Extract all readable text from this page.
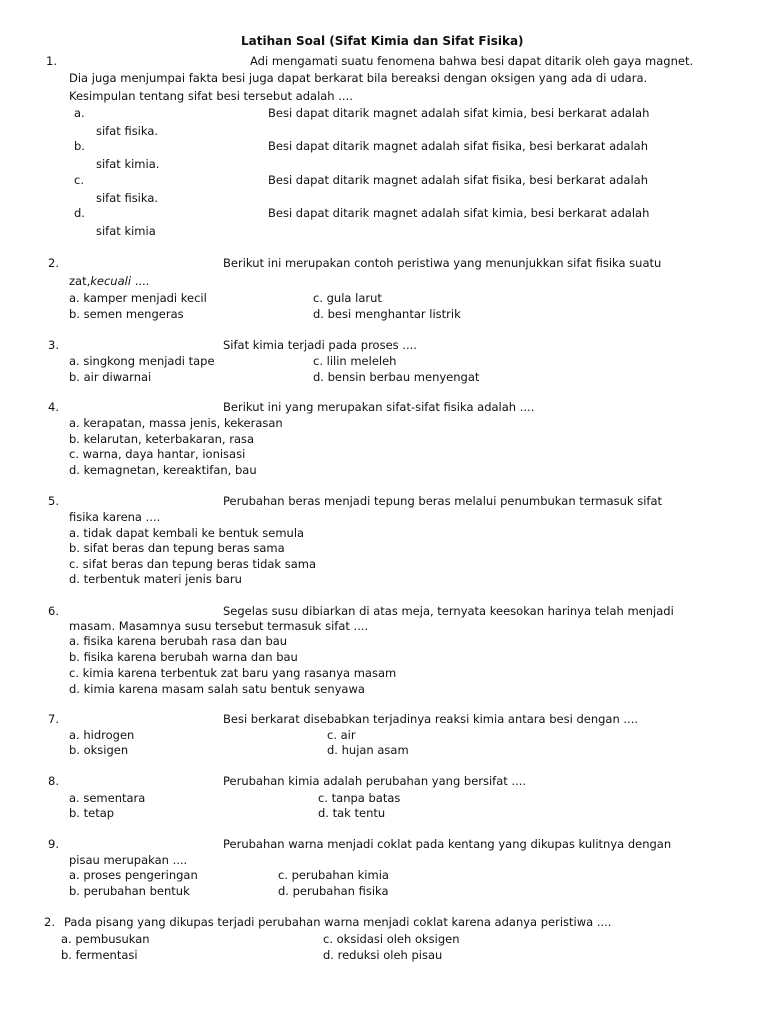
Latihan Soal (Sifat Kimia dan Sifat Fisika)
1.	Adi mengamati suatu fenomena bahwa besi dapat ditarik oleh gaya magnet.
Dia juga menjumpai fakta besi juga dapat berkarat bila bereaksi dengan oksigen yang ada di udara.
Kesimpulan tentang sifat besi tersebut adalah ....
a.	Besi dapat ditarik magnet adalah sifat kimia, besi berkarat adalah
sifat fisika.
b.	Besi dapat ditarik magnet adalah sifat fisika, besi berkarat adalah
sifat kimia.
c.	Besi dapat ditarik magnet adalah sifat fisika, besi berkarat adalah
sifat fisika.
d.	Besi dapat ditarik magnet adalah sifat kimia, besi berkarat adalah
sifat kimia
2.	Berikut ini merupakan contoh peristiwa yang menunjukkan sifat fisika suatu
zat,kecuali ....
a. kamper menjadi kecil	c. gula larut
b. semen mengeras	d. besi menghantar listrik
3.	Sifat kimia terjadi pada proses ....
a. singkong menjadi tape	c. lilin meleleh
b. air diwarnai	d. bensin berbau menyengat
4.	Berikut ini yang merupakan sifat-sifat fisika adalah ....
a. kerapatan, massa jenis, kekerasan
b. kelarutan, keterbakaran, rasa
c. warna, daya hantar, ionisasi
d. kemagnetan, kereaktifan, bau
5.	Perubahan beras menjadi tepung beras melalui penumbukan termasuk sifat
fisika karena ....
a. tidak dapat kembali ke bentuk semula
b. sifat beras dan tepung beras sama
c. sifat beras dan tepung beras tidak sama
d. terbentuk materi jenis baru
6.	Segelas susu dibiarkan di atas meja, ternyata keesokan harinya telah menjadi
masam. Masamnya susu tersebut termasuk sifat ....
a. fisika karena berubah rasa dan bau
b. fisika karena berubah warna dan bau
c. kimia karena terbentuk zat baru yang rasanya masam
d. kimia karena masam salah satu bentuk senyawa
7.	Besi berkarat disebabkan terjadinya reaksi kimia antara besi dengan ....
a. hidrogen	c. air
b. oksigen	d. hujan asam
8.	Perubahan kimia adalah perubahan yang bersifat ....
a. sementara	c. tanpa batas
b. tetap	d. tak tentu
9.	Perubahan warna menjadi coklat pada kentang yang dikupas kulitnya dengan
pisau merupakan ....
a. proses pengeringan	c. perubahan kimia
b. perubahan bentuk	d. perubahan fisika
2. Pada pisang yang dikupas terjadi perubahan warna menjadi coklat karena adanya peristiwa ....
a. pembusukan	c. oksidasi oleh oksigen
b. fermentasi	d. reduksi oleh pisau
